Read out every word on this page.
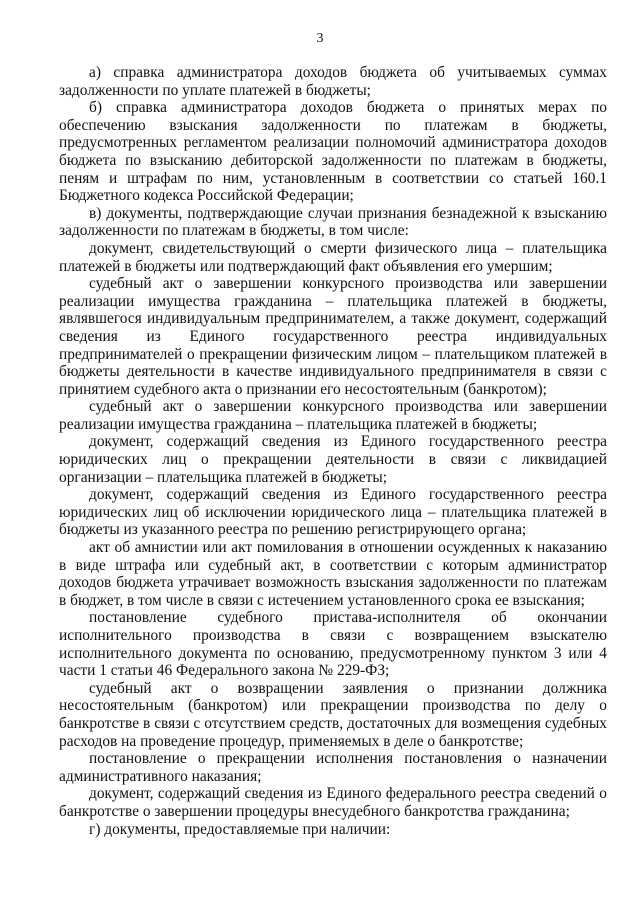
3

а) справка администратора доходов бюджета об учитываемых суммах задолженности по уплате платежей в бюджеты;

б) справка администратора доходов бюджета о принятых мерах по обеспечению взыскания задолженности по платежам в бюджеты, предусмотренных регламентом реализации полномочий администратора доходов бюджета по взысканию дебиторской задолженности по платежам в бюджеты, пеням и штрафам по ним, установленным в соответствии со статьей 160.1 Бюджетного кодекса Российской Федерации;

в) документы, подтверждающие случаи признания безнадежной к взысканию задолженности по платежам в бюджеты, в том числе:

документ, свидетельствующий о смерти физического лица – плательщика платежей в бюджеты или подтверждающий факт объявления его умершим;

судебный акт о завершении конкурсного производства или завершении реализации имущества гражданина – плательщика платежей в бюджеты, являвшегося индивидуальным предпринимателем, а также документ, содержащий сведения из Единого государственного реестра индивидуальных предпринимателей о прекращении физическим лицом – плательщиком платежей в бюджеты деятельности в качестве индивидуального предпринимателя в связи с принятием судебного акта о признании его несостоятельным (банкротом);

судебный акт о завершении конкурсного производства или завершении реализации имущества гражданина – плательщика платежей в бюджеты;

документ, содержащий сведения из Единого государственного реестра юридических лиц о прекращении деятельности в связи с ликвидацией организации – плательщика платежей в бюджеты;

документ, содержащий сведения из Единого государственного реестра юридических лиц об исключении юридического лица – плательщика платежей в бюджеты из указанного реестра по решению регистрирующего органа;

акт об амнистии или акт помилования в отношении осужденных к наказанию в виде штрафа или судебный акт, в соответствии с которым администратор доходов бюджета утрачивает возможность взыскания задолженности по платежам в бюджет, в том числе в связи с истечением установленного срока ее взыскания;

постановление судебного пристава-исполнителя об окончании исполнительного производства в связи с возвращением взыскателю исполнительного документа по основанию, предусмотренному пунктом 3 или 4 части 1 статьи 46 Федерального закона № 229-ФЗ;

судебный акт о возвращении заявления о признании должника несостоятельным (банкротом) или прекращении производства по делу о банкротстве в связи с отсутствием средств, достаточных для возмещения судебных расходов на проведение процедур, применяемых в деле о банкротстве;

постановление о прекращении исполнения постановления о назначении административного наказания;

документ, содержащий сведения из Единого федерального реестра сведений о банкротстве о завершении процедуры внесудебного банкротства гражданина;

г) документы, предоставляемые при наличии:
